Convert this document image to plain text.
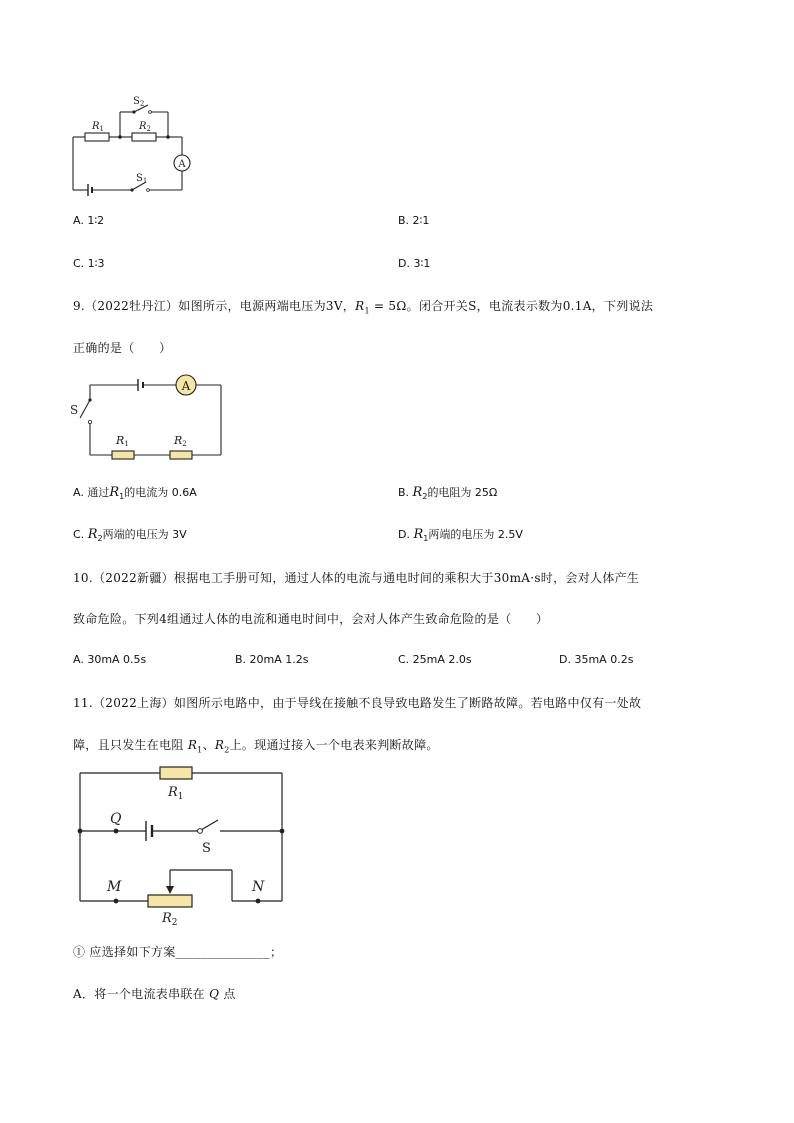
A
$R_1$	$R_2$
$S_2$
$S_1$
A. 1∶2	B. 2∶1
C. 1∶3	D. 3∶1
9.（2022牡丹江）如图所示，电源两端电压为3V，$R_1 = 5\Omega$。闭合开关S，电流表示数为0.1A，下列说法
正确的是（　　）
A
S
R1	R2
A. 通过$R_1$的电流为 0.6A	B. $R_2$的电阻为 25Ω
C. $R_2$两端的电压为 3V	D. $R_1$两端的电压为 2.5V
10.（2022新疆）根据电工手册可知，通过人体的电流与通电时间的乘积大于30mA·s时，会对人体产生
致命危险。下列4组通过人体的电流和通电时间中，会对人体产生致命危险的是（　　）
A. 30mA 0.5s	B. 20mA 1.2s	C. 25mA 2.0s	D. 35mA 0.2s
11.（2022上海）如图所示电路中，由于导线在接触不良导致电路发生了断路故障。若电路中仅有一处故
障，且只发生在电阻 $R_1$、$R_2$上。现通过接入一个电表来判断故障。
$R_1$
Q
S
M	N
$R_2$
① 应选择如下方案_______________；
A．将一个电流表串联在 Q 点
